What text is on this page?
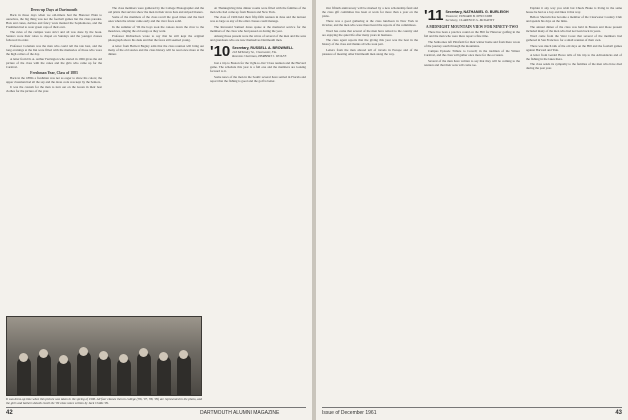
Dress-up Days at Dartmouth

Back in those days when we old-timers had the Hanover Plain to ourselves, the big thing was not the football games but the class parades. Hats and canes, derbies and fancy vests marked the Sophomores, and the Freshmen had to wear green caps of their own.

The rules of the campus were strict and all was done by the book. Seniors wore their robes to chapel on Sundays and the younger classes followed in order.

Professor Coleman was the man who could tell the tale best, and the long evenings at the Inn were filled with the memories of those who wore the high collars of the day.

A letter from Dr. A. Arthur Farrington who started in 1906 gives the old picture of the class with the canes and the girls who came up for the Carnival.

Freshman Year, Class of 1883

Back in the 1880s a freshman was not as eager to show his colors; the upper classmen had all the say and the dress code was kept by the Seniors.

It was the custom for the men to turn out on the Green in their best clothes for the picture of the year.

The class members were gathered by the College Photographer and the old prints that survive show the men in their straw hats and striped blazers.

Some of the members of the class recall the good times and the hard ones when the winter came early and the river froze solid.

In the summer of '06 the boys took the canoes down the river to the meadows, singing the old songs as they went.

Professor Richardson wrote to say that he still kept the original photograph above his desk and that the faces still seemed young.

A letter from Herbert Bagley adds that the class reunion will bring out many of the old stories and the class history will be read once more at the dinner.

At Thanksgiving time dinner rooms were filled with the families of the men who had come up from Boston and New York.

The class of 1906 held their fifty-fifth reunion in June and the turnout was as large as any of the older classes could manage.

The Reverend Samuel Jones spoke at the memorial service for the members of the class who had passed on during the year.

Among those present were the wives of several of the men and the sons and grandsons who are now themselves Dartmouth men.

'10 Secretary, RUSSELL A. BROWNELL
216 McKinley St., Clearwater, Fla.
Reunion Chairman, HERBERT J. WOLFE

Just a trip to Boston for the 'right-to-live' Class reunion and the Harvard game. The schedule this year is a full one and the members are looking forward to it.

Some news of the men in the South: several have settled in Florida and report that the fishing is good and the golf is better.

It was dress-up time when this picture was taken in the spring of 1906. All four classes then in college ('06, '07, '08, '09) are represented in the photo, and the girls and bathers details recall the '09 class notes written by Jack Childs '09.
42	DARTMOUTH ALUMNI MAGAZINE

Our fiftieth anniversary will be marked by a new scholarship fund and the class gift committee has been at work for more than a year on the plans.

There was a good gathering at the class luncheon in New York in October, and the men who were there heard the reports of the committees.

Word has come that several of the men have retired to the country and are enjoying the quiet life after many years in business.

The class agent reports that the giving this year was the best in the history of the class and thanks all who took part.

Letters from the men abroad tell of travels in Europe and of the pleasure of meeting other Dartmouth men along the way.

'11 Secretary, NATHANIEL G. BURLEIGH
Treasurer, EDWARD B. NEWCOMB
Secretary, CLARENCE G. McDAVITT

A MIDNIGHT MOUNTAIN VIEW FOR NINETY-TWO

There has been a practice round on the Hill for Hanover golfing in the fall and the men who were there report a fine time.

The Sanbornes left Pittsfield for their winter home and from there wrote of the journey south through the mountains.

Campus Episode Tribute to Cowell; in the tradition of the Winter Carnival, and the class will gather once more for the occasion.

Several of the men have written to say that they will be coming to the reunion and that their sons will come too.

Explain it any way you wish but Chuck Blake is living in the same house he had as a boy and likes it that way.

Bellow Sherwin has become a member of the Clearwater Country Club and spends his days on the links.

The annual dinner of the class was held in Boston and those present included many of the men who had not been back in years.

Word came from the West Coast that several of the members had gathered in San Francisco for a small reunion of their own.

There was much talk of the old days on the Hill and the football games against Harvard and Yale.

A letter from Gerald Howe tells of his trip to the Adirondacks and of the fishing in the lakes there.

The class sends its sympathy to the families of the men who have died during the past year.

Issue of December 1961	43
